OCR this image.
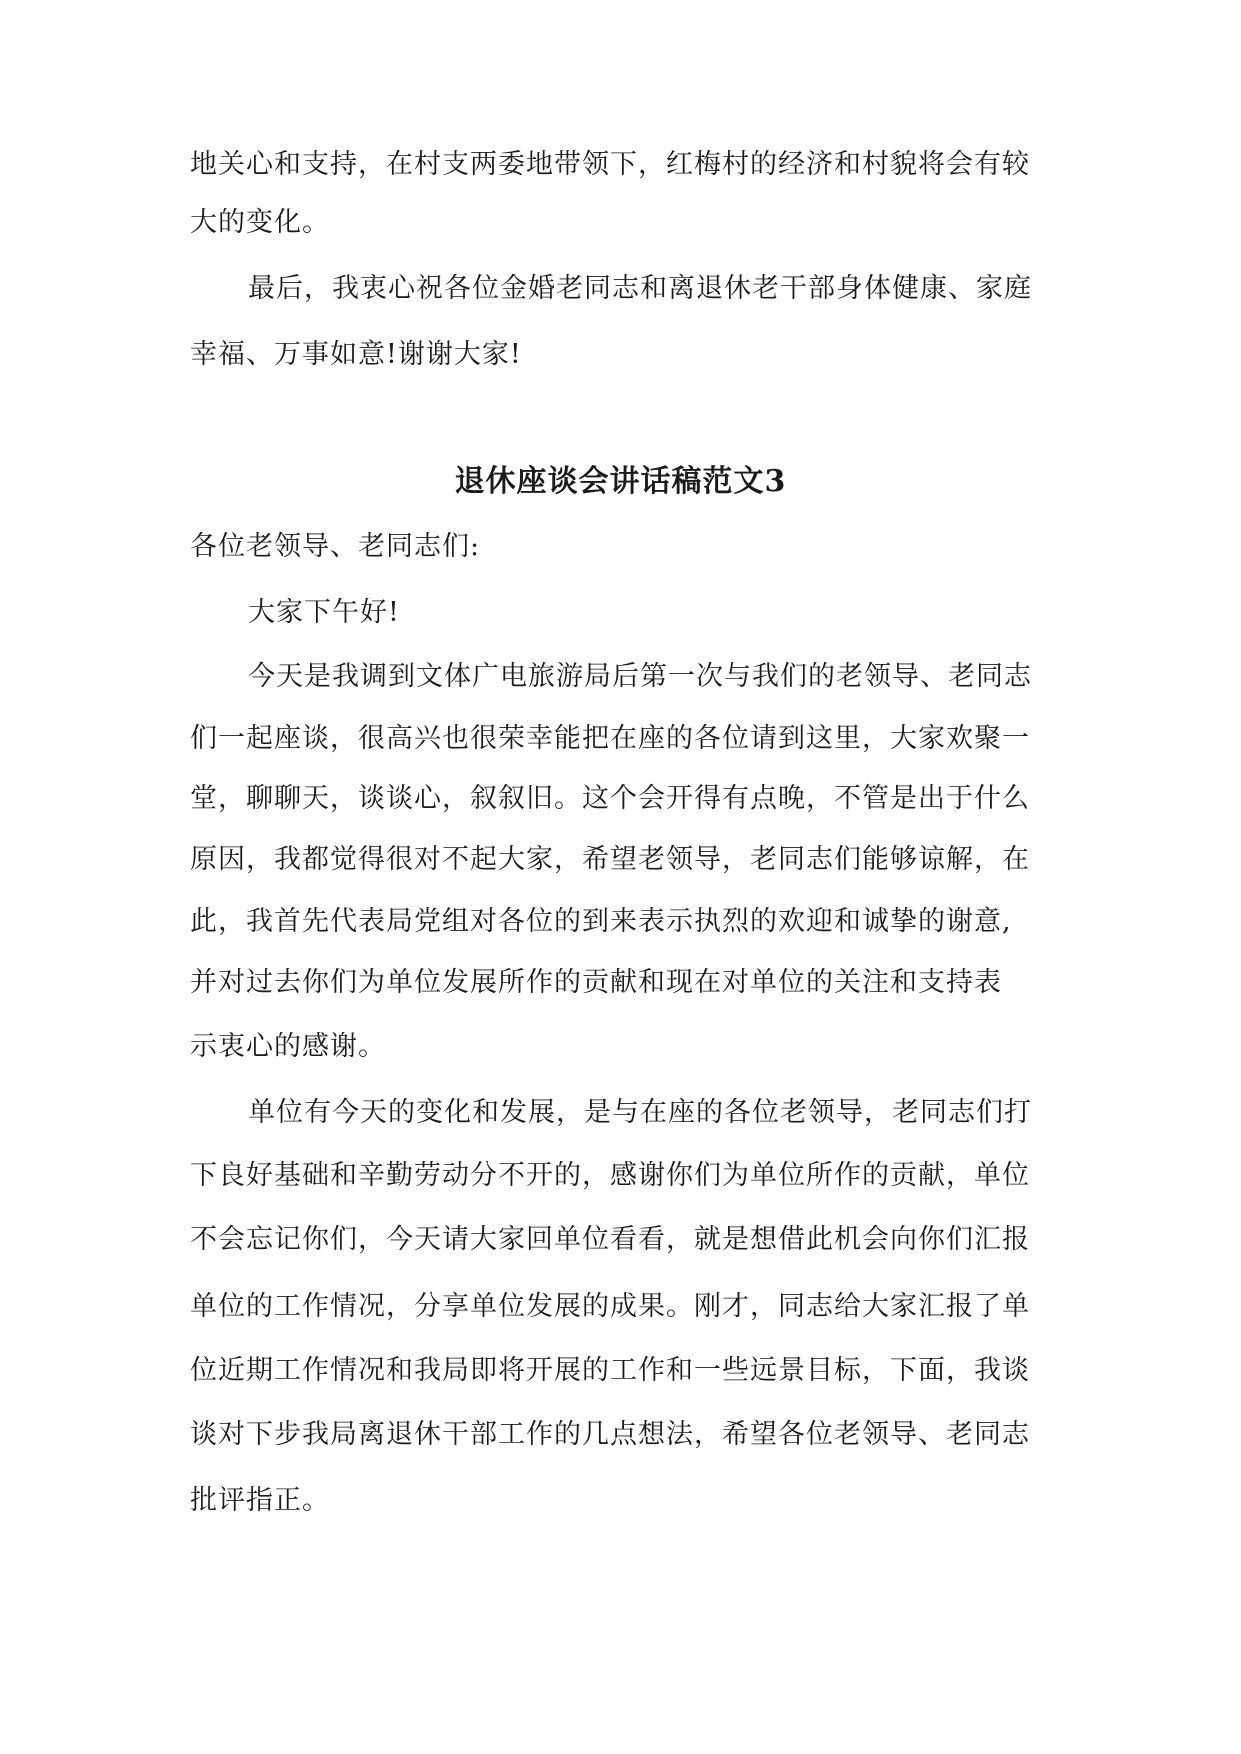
地关心和支持，在村支两委地带领下，红梅村的经济和村貌将会有较
大的变化。
最后，我衷心祝各位金婚老同志和离退休老干部身体健康、家庭
幸福、万事如意!谢谢大家!
退休座谈会讲话稿范文3
各位老领导、老同志们:
大家下午好!
今天是我调到文体广电旅游局后第一次与我们的老领导、老同志
们一起座谈，很高兴也很荣幸能把在座的各位请到这里，大家欢聚一
堂，聊聊天，谈谈心，叙叙旧。这个会开得有点晚，不管是出于什么
原因，我都觉得很对不起大家，希望老领导，老同志们能够谅解，在
此，我首先代表局党组对各位的到来表示执烈的欢迎和诚挚的谢意,
并对过去你们为单位发展所作的贡献和现在对单位的关注和支持表
示衷心的感谢。
单位有今天的变化和发展，是与在座的各位老领导，老同志们打
下良好基础和辛勤劳动分不开的，感谢你们为单位所作的贡献，单位
不会忘记你们，今天请大家回单位看看，就是想借此机会向你们汇报
单位的工作情况，分享单位发展的成果。刚才，同志给大家汇报了单
位近期工作情况和我局即将开展的工作和一些远景目标，下面，我谈
谈对下步我局离退休干部工作的几点想法，希望各位老领导、老同志
批评指正。
